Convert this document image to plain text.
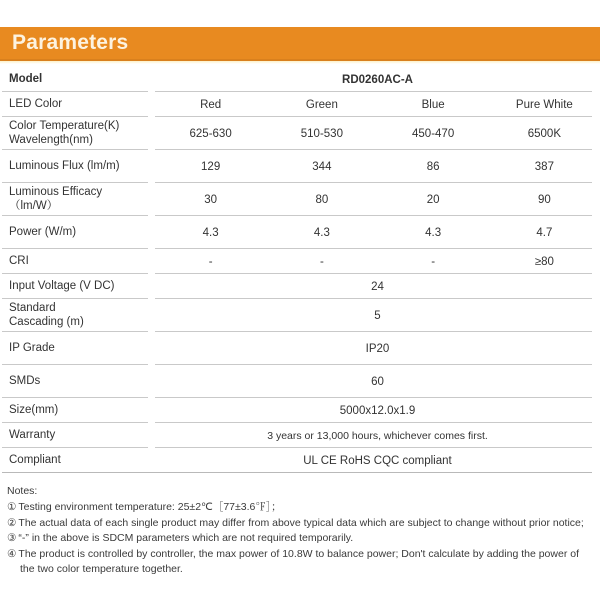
Parameters
Model	RD0260AC-A
LED Color	Red	Green	Blue	Pure White
Color Temperature(K)
Wavelength(nm)	625-630	510-530	450-470	6500K
Luminous Flux (lm/m)	129	344	86	387
Luminous Efficacy （lm/W）	30	80	20	90
Power (W/m)	4.3	4.3	4.3	4.7
CRI	-	-	-	≥80
Input Voltage (V DC)	24
Standard
Cascading (m)	5
IP Grade	IP20
SMDs	60
Size(mm)	5000x12.0x1.9
Warranty	3 years or 13,000 hours, whichever comes first.
Compliant	UL CE RoHS CQC compliant
Notes:
① Testing environment temperature: 25±2℃［77±3.6℉］；
② The actual data of each single product may differ from above typical data which are subject to change without prior notice;
③ “-” in the above is SDCM parameters which are not required temporarily.
④ The product is controlled by controller, the max power of 10.8W to balance power; Don't calculate by adding the power of
the two color temperature together.
